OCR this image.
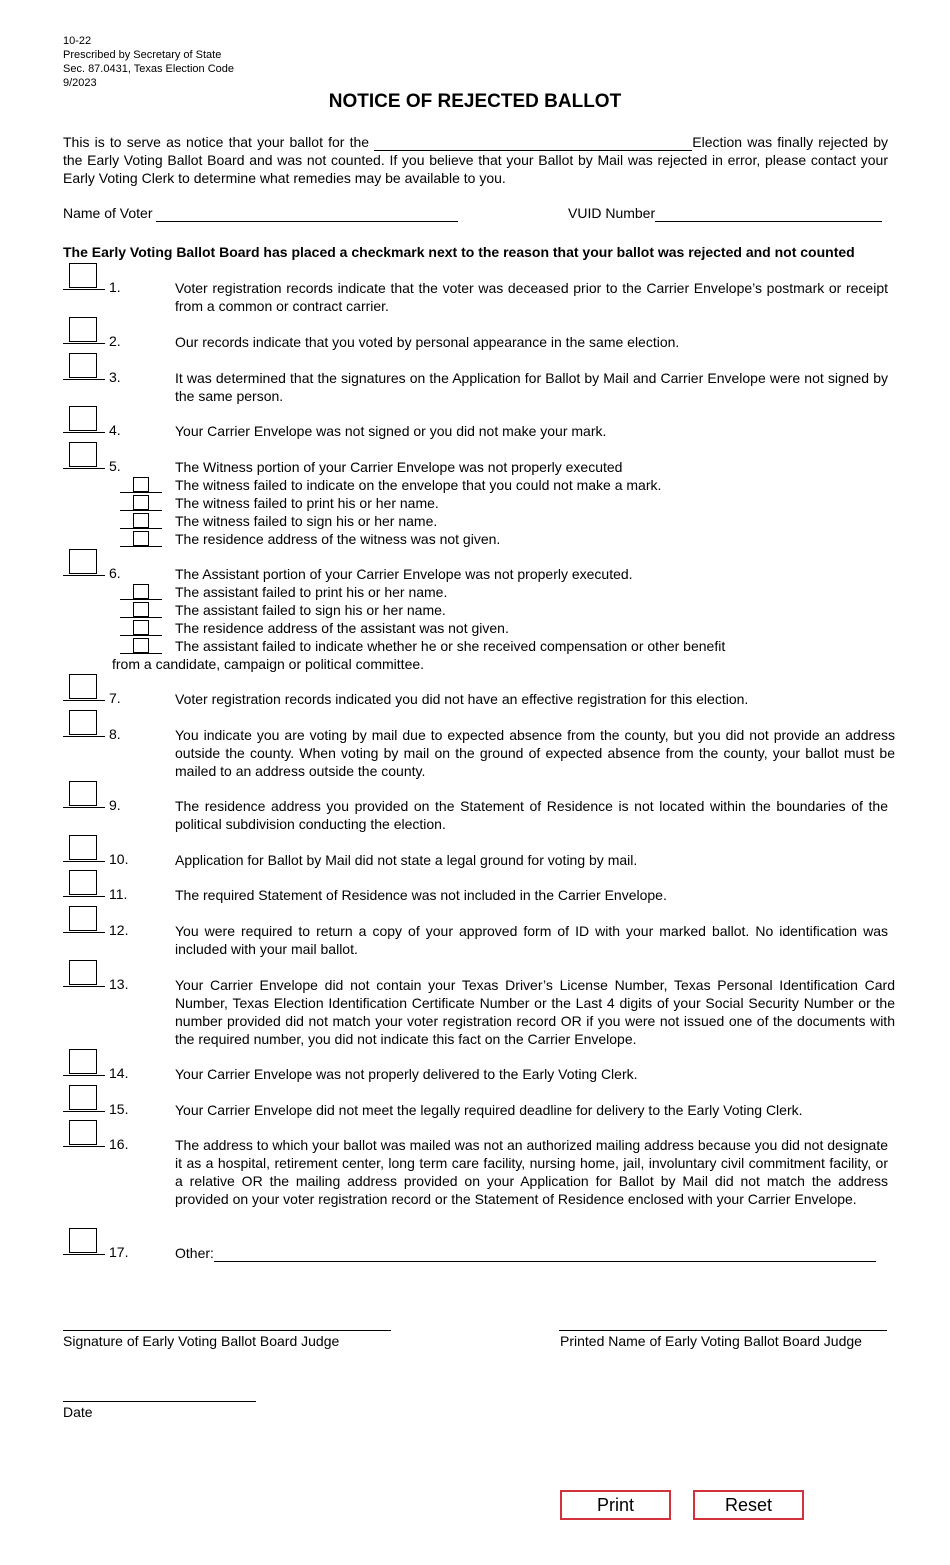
10-22
Prescribed by Secretary of State
Sec. 87.0431, Texas Election Code
9/2023
NOTICE OF REJECTED BALLOT
This is to serve as notice that your ballot for the	Election was finally rejected by the Early Voting Ballot Board and was not counted. If you believe that your Ballot by Mail was rejected in error, please contact your Early Voting Clerk to determine what remedies may be available to you.
Name of Voter	VUID Number
The Early Voting Ballot Board has placed a checkmark next to the reason that your ballot was rejected and not counted
1.	Voter registration records indicate that the voter was deceased prior to the Carrier Envelope’s postmark or receipt from a common or contract carrier.
2.	Our records indicate that you voted by personal appearance in the same election.
3.	It was determined that the signatures on the Application for Ballot by Mail and Carrier Envelope were not signed by the same person.
4.	Your Carrier Envelope was not signed or you did not make your mark.
5.	The Witness portion of your Carrier Envelope was not properly executed
The witness failed to indicate on the envelope that you could not make a mark.
The witness failed to print his or her name.
The witness failed to sign his or her name.
The residence address of the witness was not given.
6.	The Assistant portion of your Carrier Envelope was not properly executed.
The assistant failed to print his or her name.
The assistant failed to sign his or her name.
The residence address of the assistant was not given.
The assistant failed to indicate whether he or she received compensation or other benefit
from a candidate, campaign or political committee.
7.	Voter registration records indicated you did not have an effective registration for this election.
8.	You indicate you are voting by mail due to expected absence from the county, but you did not provide an address outside the county. When voting by mail on the ground of expected absence from the county, your ballot must be mailed to an address outside the county.
9.	The residence address you provided on the Statement of Residence is not located within the boundaries of the political subdivision conducting the election.
10.	Application for Ballot by Mail did not state a legal ground for voting by mail.
11.	The required Statement of Residence was not included in the Carrier Envelope.
12.	You were required to return a copy of your approved form of ID with your marked ballot. No identification was included with your mail ballot.
13.	Your Carrier Envelope did not contain your Texas Driver’s License Number, Texas Personal Identification Card Number, Texas Election Identification Certificate Number or the Last 4 digits of your Social Security Number or the number provided did not match your voter registration record OR if you were not issued one of the documents with the required number, you did not indicate this fact on the Carrier Envelope.
14.	Your Carrier Envelope was not properly delivered to the Early Voting Clerk.
15.	Your Carrier Envelope did not meet the legally required deadline for delivery to the Early Voting Clerk.
16.	The address to which your ballot was mailed was not an authorized mailing address because you did not designate it as a hospital, retirement center, long term care facility, nursing home, jail, involuntary civil commitment facility, or a relative OR the mailing address provided on your Application for Ballot by Mail did not match the address provided on your voter registration record or the Statement of Residence enclosed with your Carrier Envelope.
17.	Other:
Signature of Early Voting Ballot Board Judge	Printed Name of Early Voting Ballot Board Judge
Date
Print	Reset
